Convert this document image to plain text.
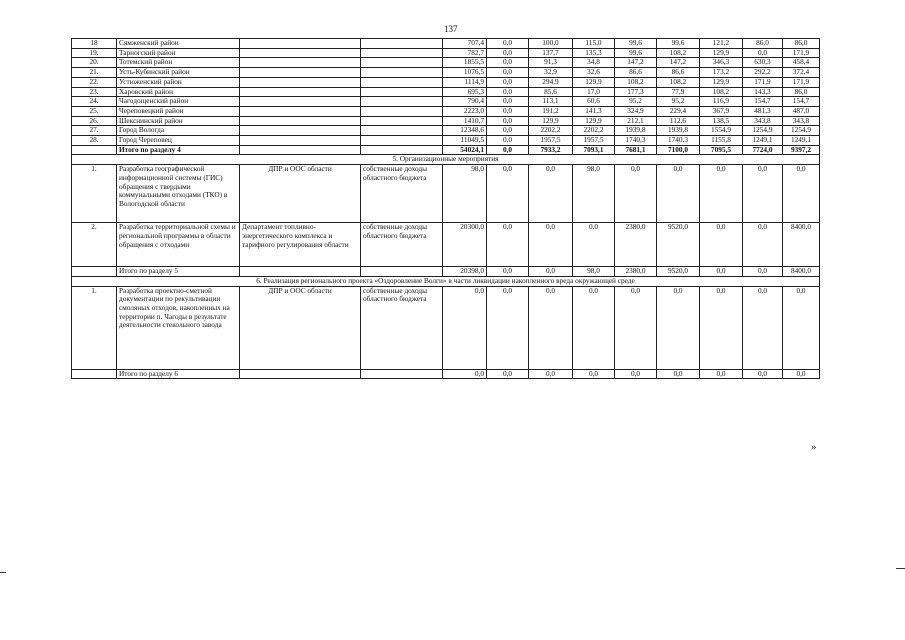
137
18	Сямженский район			707,4	0,0	100,0	115,0	99,6	99,6	121,2	86,0	86,0
19.	Тарногский район			782,7	0,0	137,7	135,3	99,6	108,2	129,9	0,0	171,9
20.	Тотемский район			1855,5	0,0	91,3	34,8	147,2	147,2	346,3	630,3	458,4
21.	Усть-Кубинский район			1076,5	0,0	32,9	32,6	86,6	86,6	173,2	292,2	372,4
22.	Устюженский район			1114,9	0,0	294,9	129,9	108,2	108,2	129,9	171,9	171,9
23.	Харовский район			695,3	0,0	85,6	17,0	177,3	77,9	108,2	143,3	86,0
24.	Чагодощенский район			790,4	0,0	113,1	60,6	95,2	95,2	116,9	154,7	154,7
25.	Череповецкий район			2223,0	0,0	191,2	141,3	324,9	229,4	367,9	481,3	487,0
26.	Шекснинский район			1410,7	0,0	129,9	129,9	212,1	112,6	138,5	343,8	343,8
27.	Город Вологда			12348,6	0,0	2202,2	2202,2	1939,8	1939,8	1554,9	1254,9	1254,9
28.	Город Череповец			11049,5	0,0	1957,5	1957,5	1740,3	1740,3	1155,8	1249,1	1249,1
	Итого по разделу 4			54024,1	0,0	7933,2	7093,1	7681,1	7100,0	7095,5	7724,0	9397,2
5. Организационные мероприятия												
1.	Разработка географической информационной системы (ГИС) обращения с твердыми коммунальными отходами (ТКО) в Вологодской области	ДПР и ООС области	собственные доходы областного бюджета	98,0	0,0	0,0	98,0	0,0	0,0	0,0	0,0	0,0
2.	Разработка территориальной схемы и региональной программы в области обращения с отходами	Департамент топливно-энергетического комплекса и тарифного регулирования области	собственные доходы областного бюджета	20300,0	0,0	0,0	0,0	2380,0	9520,0	0,0	0,0	8400,0
	Итого по разделу 5			20398,0	0,0	0,0	98,0	2380,0	9520,0	0,0	0,0	8400,0
6. Реализация регионального проекта «Оздоровление Волги» в части ликвидации накопленного вреда окружающей среде												
1.	Разработка проектно-сметной документации по рекультивации смоляных отходов, накопленных на территории п. Чагоды в результате деятельности стекольного завода	ДПР и ООС области	собственные доходы областного бюджета	0,0	0,0	0,0	0,0	0,0	0,0	0,0	0,0	0,0
	Итого по разделу 6			0,0	0,0	0,0	0,0	0,0	0,0	0,0	0,0	0,0
»
